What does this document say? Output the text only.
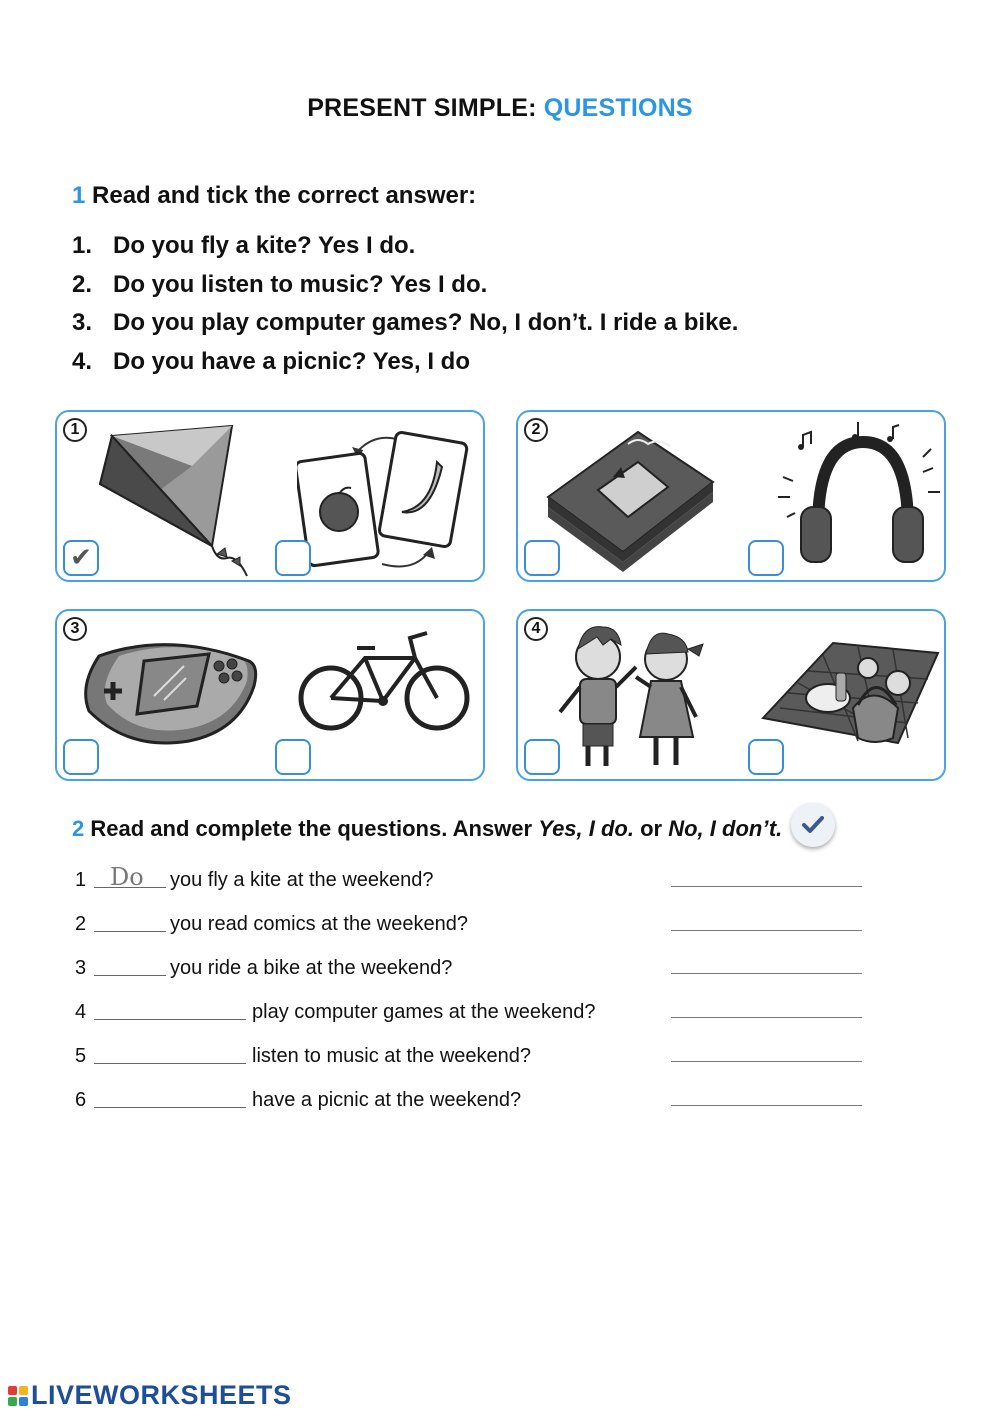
PRESENT SIMPLE: QUESTIONS
1 Read and tick the correct answer:
1. Do you fly a kite? Yes I do.
2. Do you listen to music? Yes I do.
3. Do you play computer games? No, I don’t. I ride a bike.
4. Do you have a picnic? Yes, I do
1
✔
2
3	4
2 Read and complete the questions. Answer Yes, I do. or No, I don’t.
1
Do	you fly a kite at the weekend?
2	you read comics at the weekend?
3	you ride a bike at the weekend?
4	play computer games at the weekend?
5	listen to music at the weekend?
6	have a picnic at the weekend?
LIVEWORKSHEETS
